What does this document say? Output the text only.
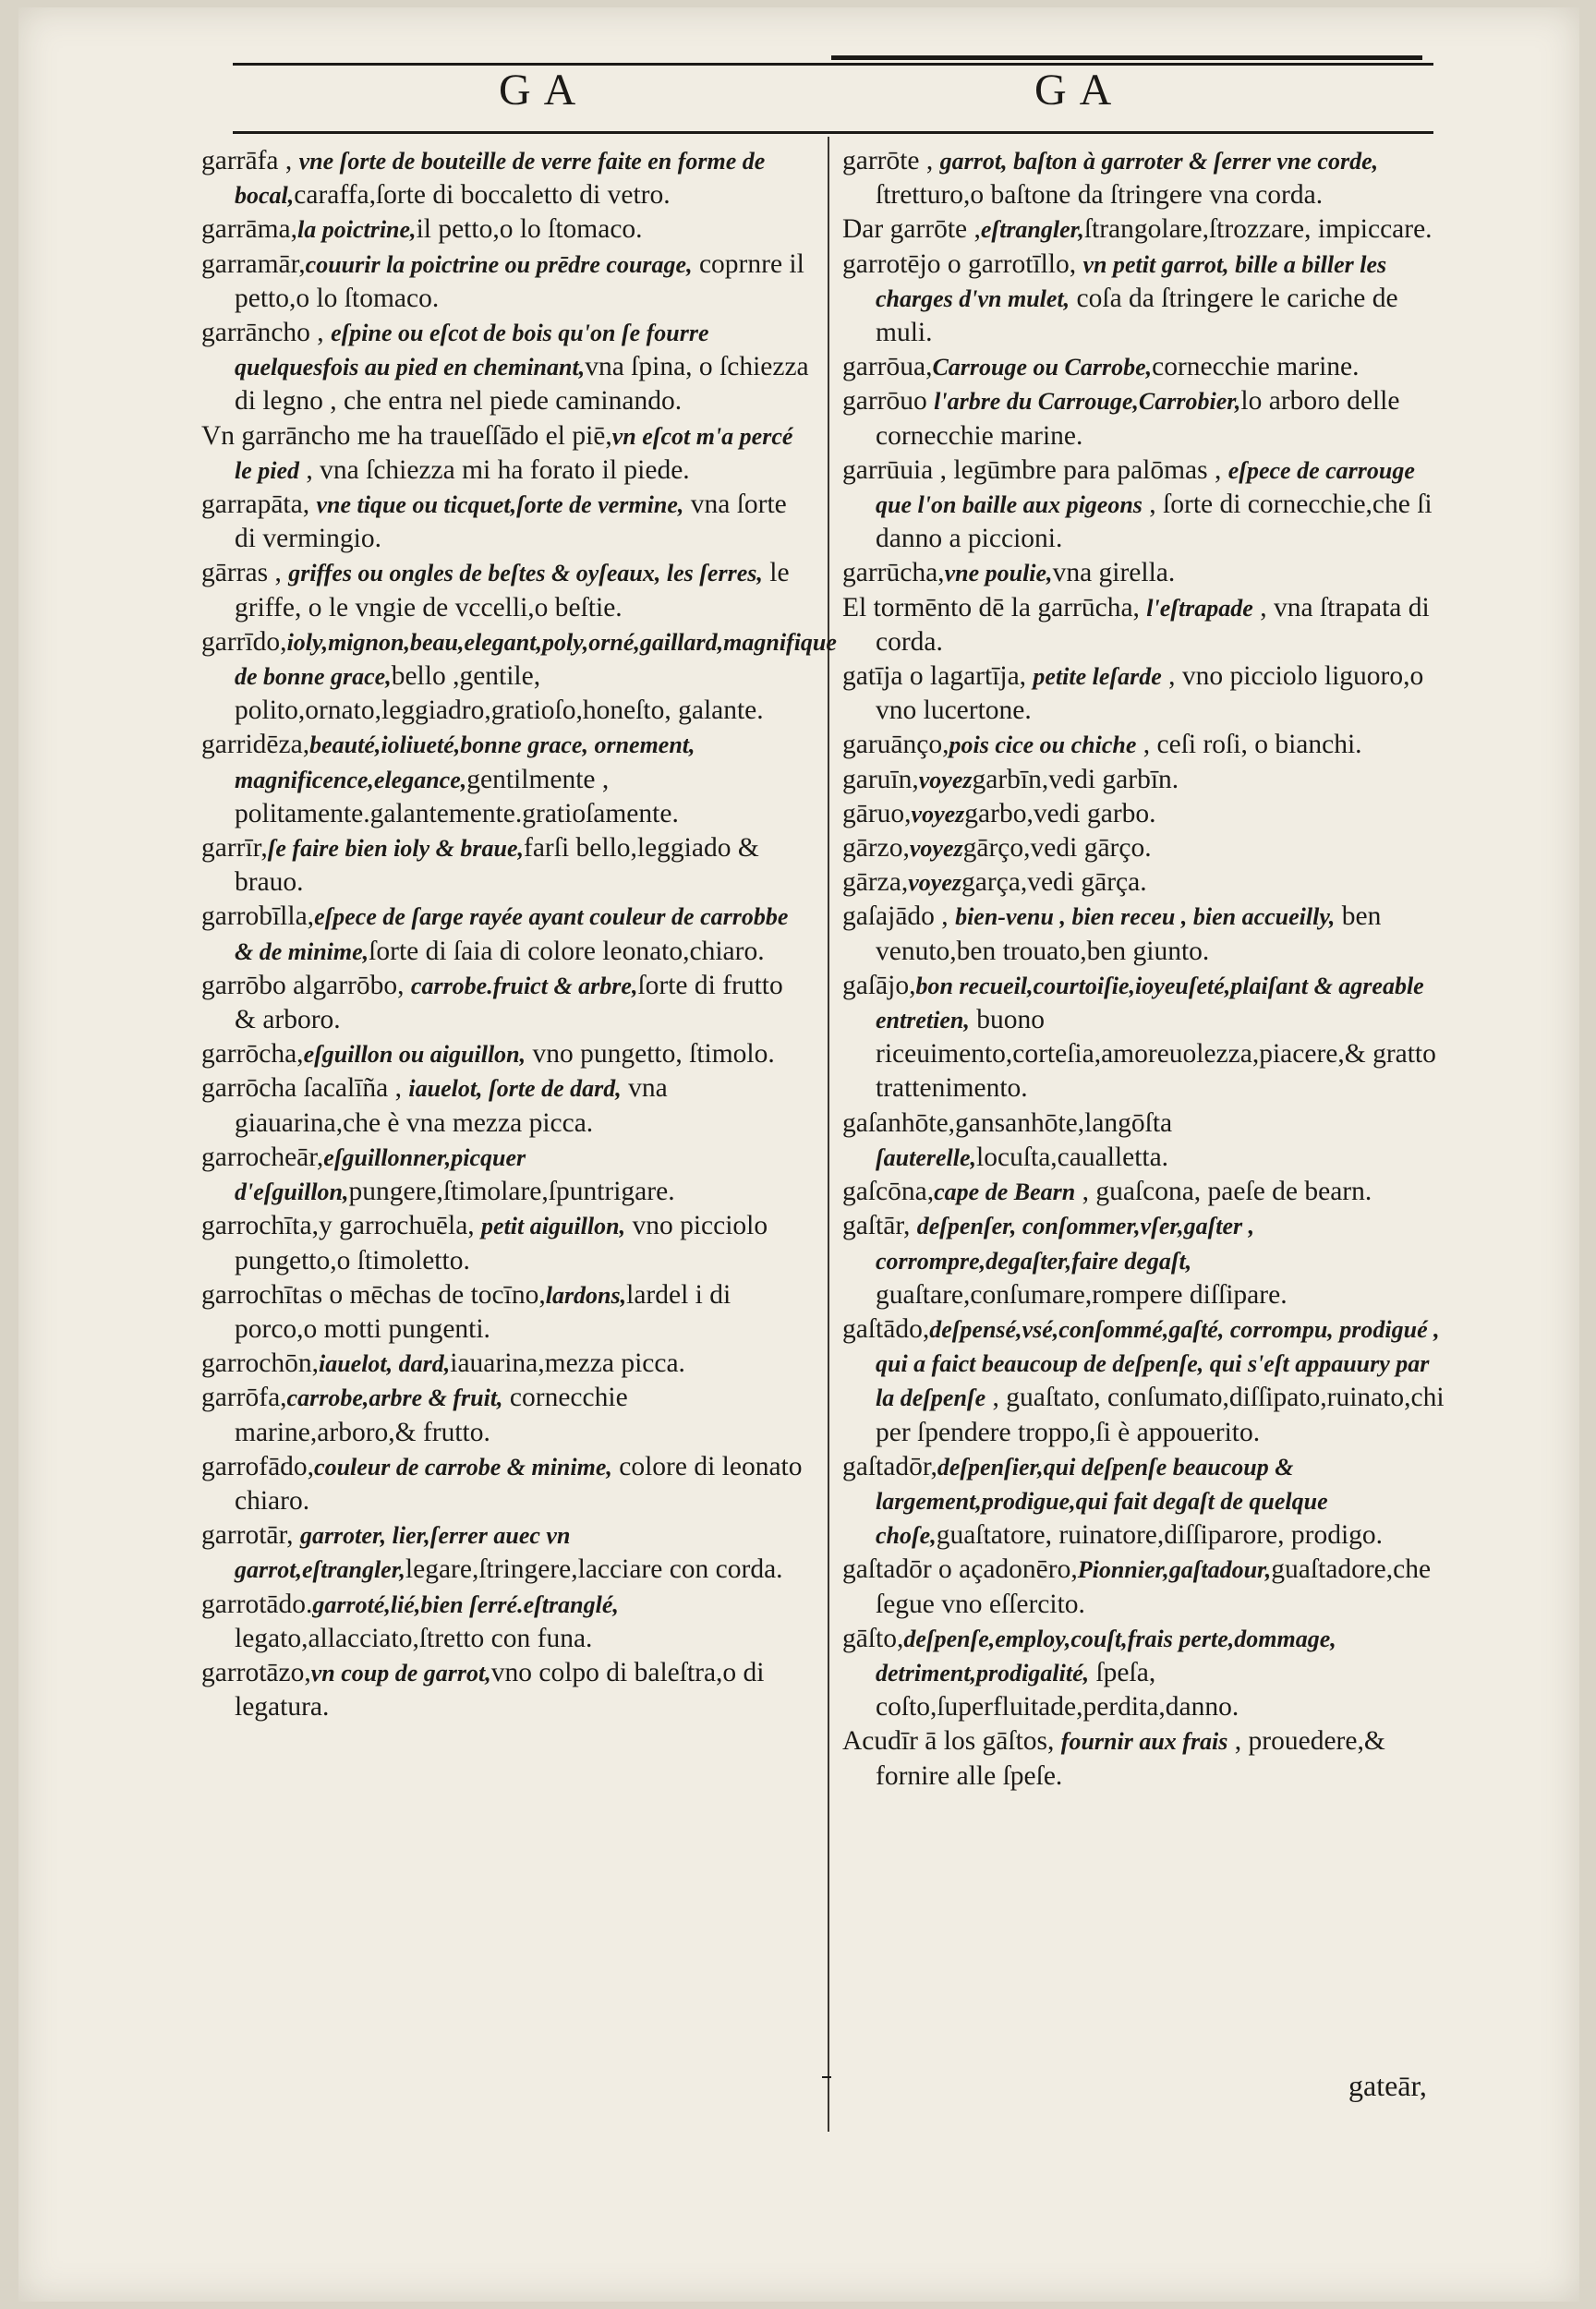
GA	GA

garrāfa , vne ſorte de bouteille de verre faite en forme de bocal,caraffa,ſorte di boccaletto di vetro.

garrāma,la poictrine,il petto,o lo ſtomaco.

garramār,couurir la poictrine ou prēdre courage, coprnre il petto,o lo ſtomaco.

garrāncho , eſpine ou eſcot de bois qu'on ſe fourre quelquesfois au pied en cheminant,vna ſpina, o ſchiezza di legno , che entra nel piede caminando.

Vn garrāncho me ha traueſſādo el piē,vn eſcot m'a percé le pied , vna ſchiezza mi ha forato il piede.

garrapāta, vne tique ou ticquet,ſorte de vermine, vna ſorte di vermingio.

gārras , griffes ou ongles de beſtes & oyſeaux, les ſerres, le griffe, o le vngie de vccelli,o beſtie.

garrīdo,ioly,mignon,beau,elegant,poly,orné,gaillard,magnifique de bonne grace,bello ,gentile, polito,ornato,leggiadro,gratioſo,honeſto, galante.

garridēza,beauté,ioliueté,bonne grace, ornement, magnificence,elegance,gentilmente , politamente.galantemente.gratioſamente.

garrīr,ſe faire bien ioly & braue,farſi bello,leggiado & brauo.

garrobīlla,eſpece de ſarge rayée ayant couleur de carrobbe & de minime,ſorte di ſaia di colore leonato,chiaro.

garrōbo algarrōbo, carrobe.fruict & arbre,ſorte di frutto & arboro.

garrōcha,eſguillon ou aiguillon, vno pungetto, ſtimolo.

garrōcha ſacalīña , iauelot, ſorte de dard, vna giauarina,che è vna mezza picca.

garrocheār,eſguillonner,picquer d'eſguillon,pungere,ſtimolare,ſpuntrigare.

garrochīta,y garrochuēla, petit aiguillon, vno picciolo pungetto,o ſtimoletto.

garrochītas o mēchas de tocīno,lardons,lardel i di porco,o motti pungenti.

garrochōn,iauelot, dard,iauarina,mezza picca.

garrōfa,carrobe,arbre & fruit, cornecchie marine,arboro,& frutto.

garrofādo,couleur de carrobe & minime, colore di leonato chiaro.

garrotār, garroter, lier,ſerrer auec vn garrot,eſtrangler,legare,ſtringere,lacciare con corda.

garrotādo.garroté,lié,bien ſerré.eſtranglé, legato,allacciato,ſtretto con funa.

garrotāzo,vn coup de garrot,vno colpo di baleſtra,o di legatura.

garrōte , garrot, baſton à garroter & ſerrer vne corde, ſtretturo,o baſtone da ſtringere vna corda.

Dar garrōte ,eſtrangler,ſtrangolare,ſtrozzare, impiccare.

garrotējo o garrotīllo, vn petit garrot, bille a biller les charges d'vn mulet, coſa da ſtringere le cariche de muli.

garrōua,Carrouge ou Carrobe,cornecchie marine.

garrōuo l'arbre du Carrouge,Carrobier,lo arboro delle cornecchie marine.

garrūuia , legūmbre para palōmas , eſpece de carrouge que l'on baille aux pigeons , ſorte di cornecchie,che ſi danno a piccioni.

garrūcha,vne poulie,vna girella.

El tormēnto dē la garrūcha, l'eſtrapade , vna ſtrapata di corda.

gatīja o lagartīja, petite leſarde , vno picciolo liguoro,o vno lucertone.

garuānço,pois cice ou chiche , ceſi roſi, o bianchi.

garuīn,voyezgarbīn,vedi garbīn.

gāruo,voyezgarbo,vedi garbo.

gārzo,voyezgārço,vedi gārço.

gārza,voyezgarça,vedi gārça.

gaſajādo , bien-venu , bien receu , bien accueilly, ben venuto,ben trouato,ben giunto.

gaſājo,bon recueil,courtoiſie,ioyeuſeté,plaiſant & agreable entretien, buono riceuimento,corteſia,amoreuolezza,piacere,& gratto trattenimento.

gaſanhōte,gansanhōte,langōſta ſauterelle,locuſta,caualletta.

gaſcōna,cape de Bearn , guaſcona, paeſe de bearn.

gaſtār, deſpenſer, conſommer,vſer,gaſter , corrompre,degaſter,faire degaſt, guaſtare,conſumare,rompere diſſipare.

gaſtādo,deſpensé,vsé,conſommé,gaſté, corrompu, prodigué , qui a faict beaucoup de deſpenſe, qui s'eſt appauury par la deſpenſe , guaſtato, conſumato,diſſipato,ruinato,chi per ſpendere troppo,ſi è appouerito.

gaſtadōr,deſpenſier,qui deſpenſe beaucoup & largement,prodigue,qui fait degaſt de quelque choſe,guaſtatore, ruinatore,diſſiparore, prodigo.

gaſtadōr o açadonēro,Pionnier,gaſtadour,guaſtadore,che ſegue vno eſſercito.

gāſto,deſpenſe,employ,couſt,frais perte,dommage, detriment,prodigalité, ſpeſa, coſto,ſuperfluitade,perdita,danno.

Acudīr ā los gāſtos, fournir aux frais , prouedere,& fornire alle ſpeſe.

gateār,
